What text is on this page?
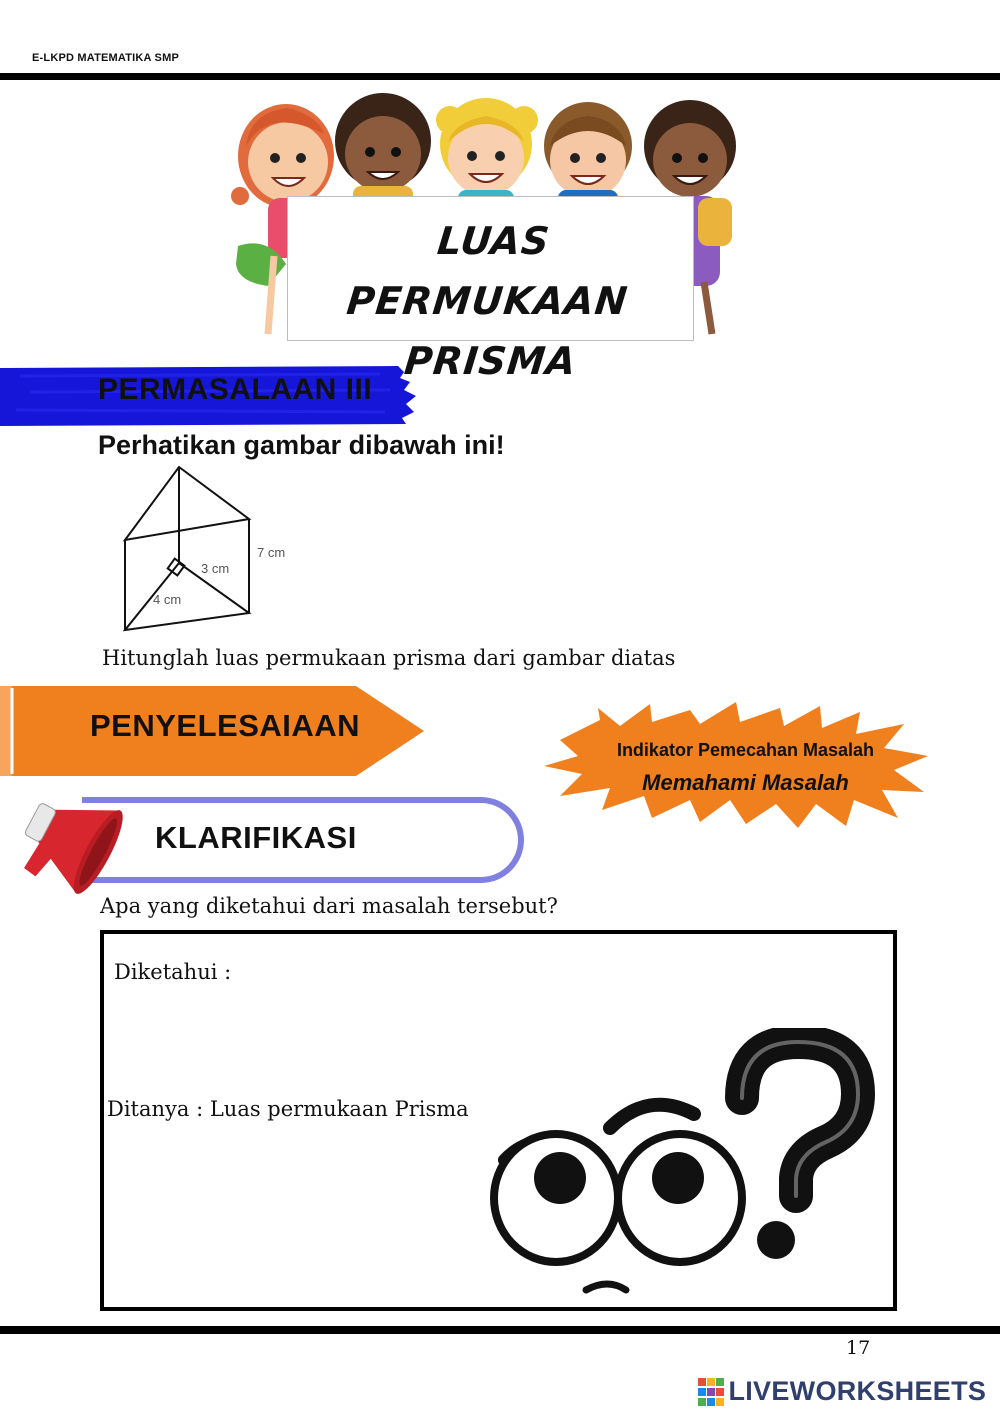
E-LKPD MATEMATIKA SMP
LUAS PERMUKAAN
PRISMA
PERMASALAAN III
Perhatikan gambar dibawah ini!
7 cm
3 cm
4 cm
Hitunglah luas permukaan prisma dari gambar diatas
PENYELESAIAAN
Indikator Pemecahan Masalah
Memahami Masalah
KLARIFIKASI
Apa yang diketahui dari masalah tersebut?
Diketahui :
Ditanya : Luas permukaan Prisma
17
LIVEWORKSHEETS
